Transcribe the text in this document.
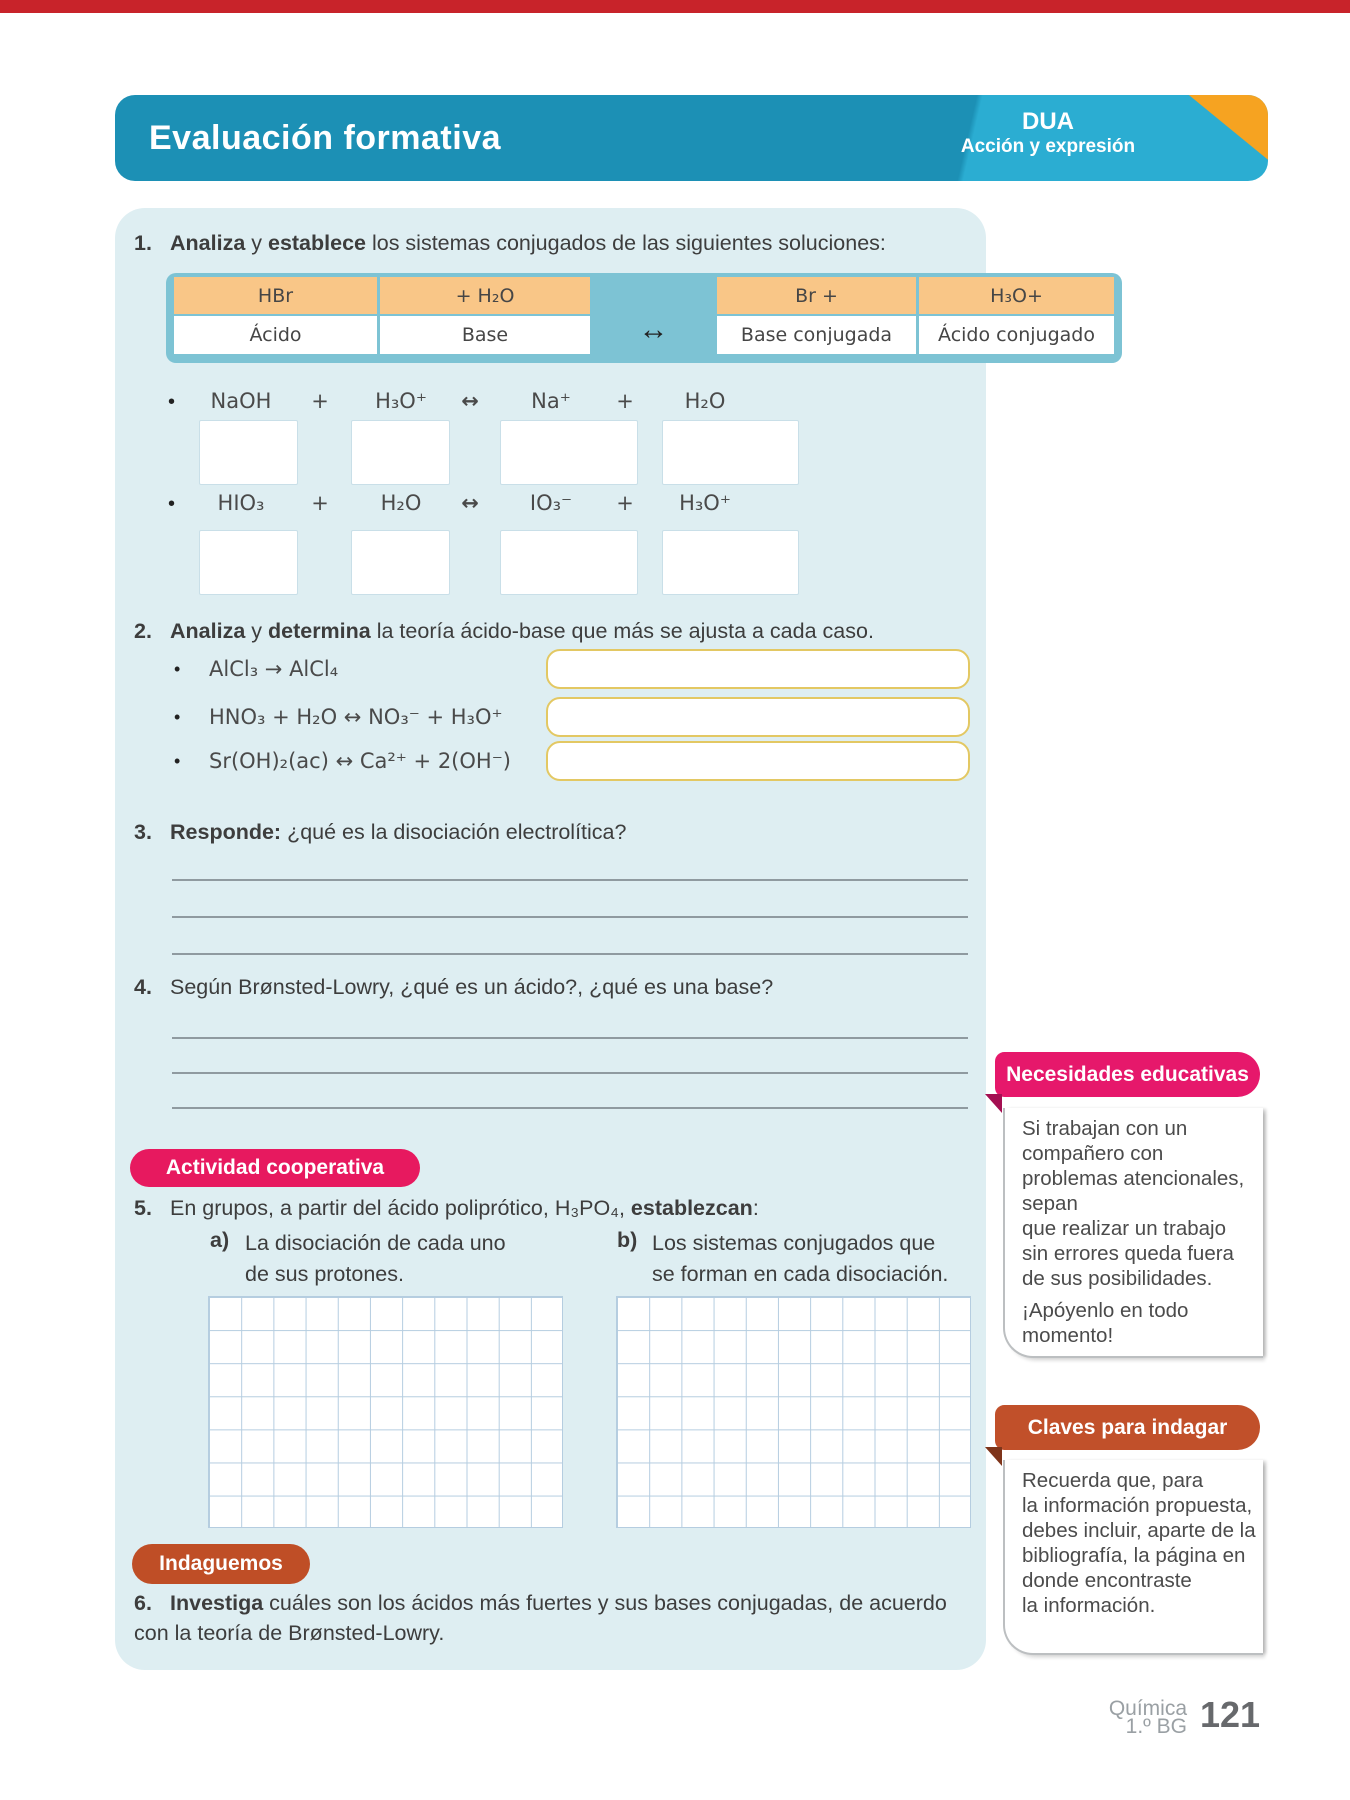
Evaluación formativa	DUA
Acción y expresión
1. Analiza y establece los sistemas conjugados de las siguientes soluciones:
HBr	+ H₂O	Br +	H₃O+
Ácido	Base	Base conjugada	Ácido conjugado
↔
•	NaOH	+	H₃O⁺	↔	Na⁺	+	H₂O
•	HIO₃	+	H₂O	↔	IO₃⁻	+	H₃O⁺
2. Analiza y determina la teoría ácido-base que más se ajusta a cada caso.
• AlCl₃ → AlCl₄
• HNO₃ + H₂O ↔ NO₃⁻ + H₃O⁺
• Sr(OH)₂(ac) ↔ Ca²⁺ + 2(OH⁻)
3. Responde: ¿qué es la disociación electrolítica?
4. Según Brønsted-Lowry, ¿qué es un ácido?, ¿qué es una base?
Actividad cooperativa
5. En grupos, a partir del ácido poliprótico, H₃PO₄, establezcan:
a) La disociación de cada uno
de sus protones.
b) Los sistemas conjugados que
se forman en cada disociación.
Indaguemos
6. Investiga cuáles son los ácidos más fuertes y sus bases conjugadas, de acuerdo
con la teoría de Brønsted-Lowry.
Necesidades educativas

Si trabajan con un
compañero con
problemas atencionales,
sepan
que realizar un trabajo
sin errores queda fuera
de sus posibilidades.

¡Apóyenlo en todo
momento!

Claves para indagar

Recuerda que, para
la información propuesta,
debes incluir, aparte de la
bibliografía, la página en
donde encontraste
la información.

Química
1.º BG 121
